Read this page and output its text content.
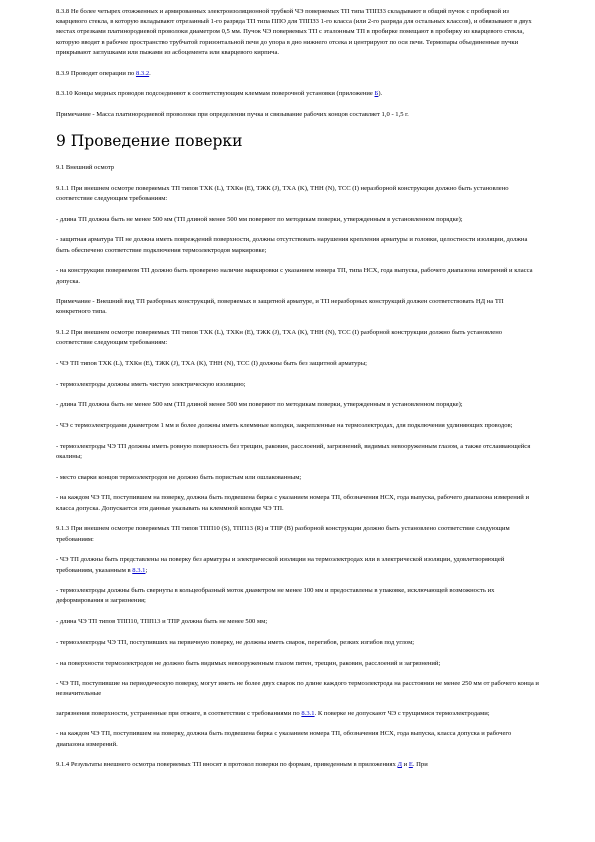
8.3.8 Не более четырех отожженных и армированных электроизоляционной трубкой ЧЭ поверяемых ТП типа ТППЗ3 складывают в общий пучок с пробиркой из кварцевого стекла, в которую вкладывают отрезанный 1-го разряда ТП типа ППО для ТППЗ3 1-го класса (или 2-го разряда для остальных классов), и обвязывают в двух местах отрезками платинородиевой проволоки диаметром 0,5 мм. Пучок ЧЭ поверяемых ТП с эталонным ТП в пробирке помещают в пробирку из кварцевого стекла, которую вводят в рабочее пространство трубчатой горизонтальной печи до упора в дно нижнего отсека и центрируют по оси печи. Термопары объединенные пучки прикрывают заглушками или пыжами из асбоцемента или кварцевого кирпича.

8.3.9 Проводят операции по 8.3.2.

8.3.10 Концы медных проводов подсоединяют к соответствующим клеммам поверочной установки (приложение Б).

Примечание - Масса платинородиевой проволоки при определении пучка и связывание рабочих концов составляет 1,0 - 1,5 г.

9 Проведение поверки

9.1 Внешний осмотр

9.1.1 При внешнем осмотре поверяемых ТП типов ТХК (L), ТХКн (E), ТЖК (J), ТХА (K), ТНН (N), ТСС (I) неразборной конструкции должно быть установлено соответствие следующим требованиям:

- длина ТП должна быть не менее 500 мм (ТП длиной менее 500 мм поверяют по методикам поверки, утвержденным в установленном порядке);

- защитная арматура ТП не должна иметь повреждений поверхности, должны отсутствовать нарушения крепления арматуры и головки, целостности изоляции, должна быть обеспечено соответствие подключения термоэлектродов маркировке;

- на конструкции поверяемом ТП должно быть проверено наличие маркировки с указанием номера ТП, типа НСХ, года выпуска, рабочего диапазона измерений и класса допуска.

Примечание - Внешний вид ТП разборных конструкций, поверяемых в защитной арматуре, и ТП неразборных конструкций должен соответствовать НД на ТП конкретного типа.

9.1.2 При внешнем осмотре поверяемых ТП типов ТХК (L), ТХКн (E), ТЖК (J), ТХА (K), ТНН (N), ТСС (I) разборной конструкции должно быть установлено соответствие следующим требованиям:

- ЧЭ ТП типов ТХК (L), ТХКн (E), ТЖК (J), ТХА (K), ТНН (N), ТСС (I) должны быть без защитной арматуры;

- термоэлектроды должны иметь чистую электрическую изоляцию;

- длина ТП должна быть не менее 500 мм (ТП длиной менее 500 мм поверяют по методикам поверки, утвержденным в установленном порядке);

- ЧЭ с термоэлектродами диаметром 1 мм и более должны иметь клеммные колодки, закрепленные на термоэлектродах, для подключения удлиняющих проводов;

- термоэлектроды ЧЭ ТП должны иметь ровную поверхность без трещин, раковин, расслоений, загрязнений, видимых невооруженным глазом, а также отслаивающейся окалины;

- место сварки концов термоэлектродов не должно быть пористым или ошлакованным;

- на каждом ЧЭ ТП, поступившем на поверку, должна быть подвешена бирка с указанием номера ТП, обозначения НСХ, года выпуска, рабочего диапазона измерений и класса допуска. Допускается эти данные указывать на клеммной колодке ЧЭ ТП.

9.1.3 При внешнем осмотре поверяемых ТП типов ТПП10 (S), ТПП13 (R) и ТПР (B) разборной конструкции должно быть установлено соответствие следующим требованиям:

- ЧЭ ТП должны быть представлены на поверку без арматуры и электрической изоляции на термоэлектродах или в электрической изоляции, удовлетворяющей требованиям, указанным в 8.3.1;

- термоэлектроды должны быть свернуты в кольцеобразный моток диаметром не менее 100 мм и предоставлены в упаковке, исключающей возможность их деформирования и загрязнения;

- длина ЧЭ ТП типов ТПП10, ТПП13 и ТПР должна быть не менее 500 мм;

- термоэлектроды ЧЭ ТП, поступивших на первичную поверку, не должны иметь сварок, перегибов, резких изгибов под углом;

- на поверхности термоэлектродов не должно быть видимых невооруженным глазом пятен, трещин, раковин, расслоений и загрязнений;

- ЧЭ ТП, поступившие на периодическую поверку, могут иметь не более двух сварок по длине каждого термоэлектрода на расстоянии не менее 250 мм от рабочего конца и незначительные

загрязнения поверхности, устраненные при отжиге, в соответствии с требованиями по 8.3.1. К поверке не допускают ЧЭ с трущимися термоэлектродами;

- на каждом ЧЭ ТП, поступившем на поверку, должна быть подвешена бирка с указанием номера ТП, обозначения НСХ, года выпуска, класса допуска и рабочего диапазона измерений.

9.1.4 Результаты внешнего осмотра поверяемых ТП вносят в протокол поверки по формам, приведенным в приложениях Д и Е. При
